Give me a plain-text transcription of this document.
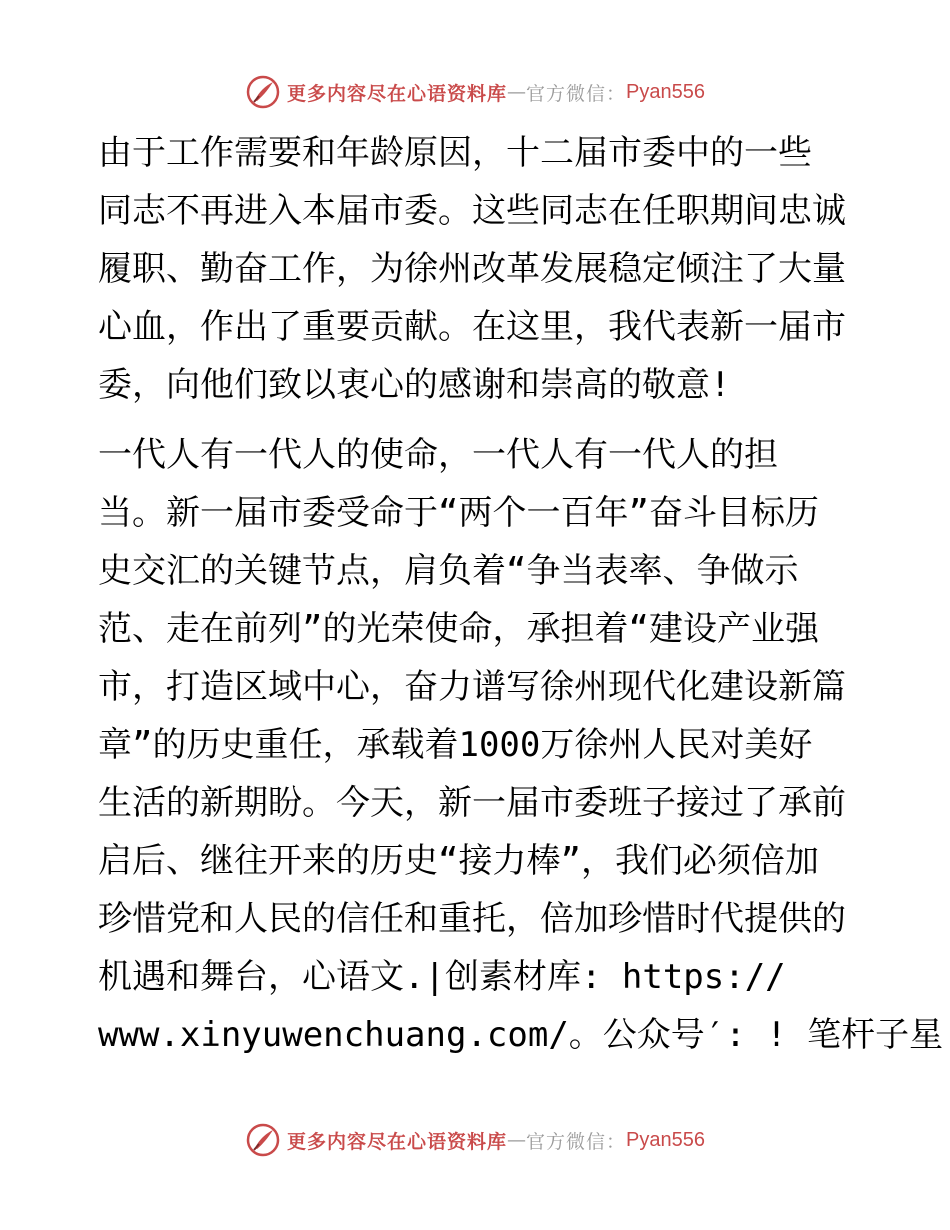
更多内容尽在心语资料库 — 官方微信： Pyan556
由于工作需要和年龄原因，十二届市委中的一些
同志不再进入本届市委。这些同志在任职期间忠诚
履职、勤奋工作，为徐州改革发展稳定倾注了大量
心血，作出了重要贡献。在这里，我代表新一届市
委，向他们致以衷心的感谢和崇高的敬意!
一代人有一代人的使命，一代人有一代人的担
当。新一届市委受命于“两个一百年”奋斗目标历
史交汇的关键节点，肩负着“争当表率、争做示
范、走在前列”的光荣使命，承担着“建设产业强
市，打造区域中心，奋力谱写徐州现代化建设新篇
章”的历史重任，承载着1000万徐州人民对美好
生活的新期盼。今天，新一届市委班子接过了承前
启后、继往开来的历史“接力棒”，我们必须倍加
珍惜党和人民的信任和重托，倍加珍惜时代提供的
机遇和舞台，心语文.|创素材库: https://
www.xinyuwenchuang.com/。公众号′: ! 笔杆子星
更多内容尽在心语资料库 — 官方微信： Pyan556
